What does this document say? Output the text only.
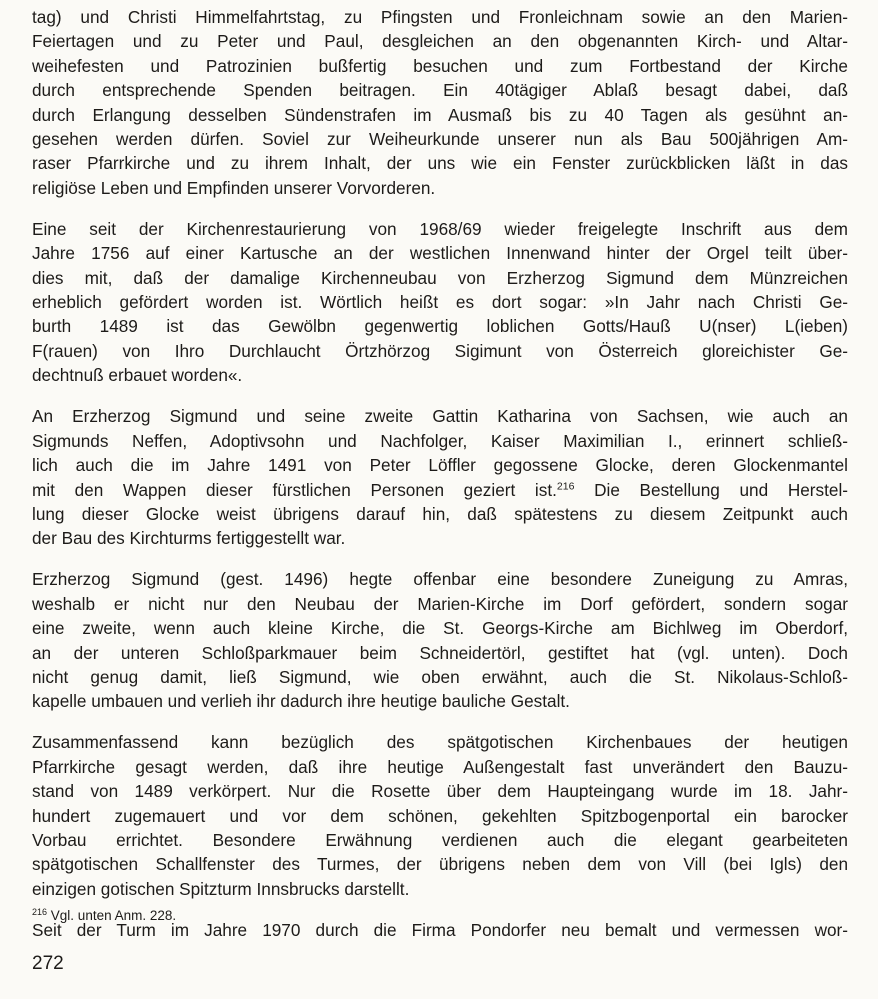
tag) und Christi Himmelfahrtstag, zu Pfingsten und Fronleichnam sowie an den Marien-
Feiertagen und zu Peter und Paul, desgleichen an den obgenannten Kirch- und Altar-
weihefesten und Patrozinien bußfertig besuchen und zum Fortbestand der Kirche
durch entsprechende Spenden beitragen. Ein 40tägiger Ablaß besagt dabei, daß
durch Erlangung desselben Sündenstrafen im Ausmaß bis zu 40 Tagen als gesühnt an-
gesehen werden dürfen. Soviel zur Weiheurkunde unserer nun als Bau 500jährigen Am-
raser Pfarrkirche und zu ihrem Inhalt, der uns wie ein Fenster zurückblicken läßt in das
religiöse Leben und Empfinden unserer Vorvorderen.

Eine seit der Kirchenrestaurierung von 1968/69 wieder freigelegte Inschrift aus dem
Jahre 1756 auf einer Kartusche an der westlichen Innenwand hinter der Orgel teilt über-
dies mit, daß der damalige Kirchenneubau von Erzherzog Sigmund dem Münzreichen
erheblich gefördert worden ist. Wörtlich heißt es dort sogar: »In Jahr nach Christi Ge-
burth 1489 ist das Gewölbn gegenwertig loblichen Gotts/Hauß U(nser) L(ieben)
F(rauen) von Ihro Durchlaucht Örtzhörzog Sigimunt von Österreich gloreichister Ge-
dechtnuß erbauet worden«.

An Erzherzog Sigmund und seine zweite Gattin Katharina von Sachsen, wie auch an
Sigmunds Neffen, Adoptivsohn und Nachfolger, Kaiser Maximilian I., erinnert schließ-
lich auch die im Jahre 1491 von Peter Löffler gegossene Glocke, deren Glockenmantel
mit den Wappen dieser fürstlichen Personen geziert ist.$^{216}$ Die Bestellung und Herstel-
lung dieser Glocke weist übrigens darauf hin, daß spätestens zu diesem Zeitpunkt auch
der Bau des Kirchturms fertiggestellt war.

Erzherzog Sigmund (gest. 1496) hegte offenbar eine besondere Zuneigung zu Amras,
weshalb er nicht nur den Neubau der Marien-Kirche im Dorf gefördert, sondern sogar
eine zweite, wenn auch kleine Kirche, die St. Georgs-Kirche am Bichlweg im Oberdorf,
an der unteren Schloßparkmauer beim Schneidertörl, gestiftet hat (vgl. unten). Doch
nicht genug damit, ließ Sigmund, wie oben erwähnt, auch die St. Nikolaus-Schloß-
kapelle umbauen und verlieh ihr dadurch ihre heutige bauliche Gestalt.

Zusammenfassend kann bezüglich des spätgotischen Kirchenbaues der heutigen
Pfarrkirche gesagt werden, daß ihre heutige Außengestalt fast unverändert den Bauzu-
stand von 1489 verkörpert. Nur die Rosette über dem Haupteingang wurde im 18. Jahr-
hundert zugemauert und vor dem schönen, gekehlten Spitzbogenportal ein barocker
Vorbau errichtet. Besondere Erwähnung verdienen auch die elegant gearbeiteten
spätgotischen Schallfenster des Turmes, der übrigens neben dem von Vill (bei Igls) den
einzigen gotischen Spitzturm Innsbrucks darstellt.

Seit der Turm im Jahre 1970 durch die Firma Pondorfer neu bemalt und vermessen wor-

$^{216}$ Vgl. unten Anm. 228.
272
